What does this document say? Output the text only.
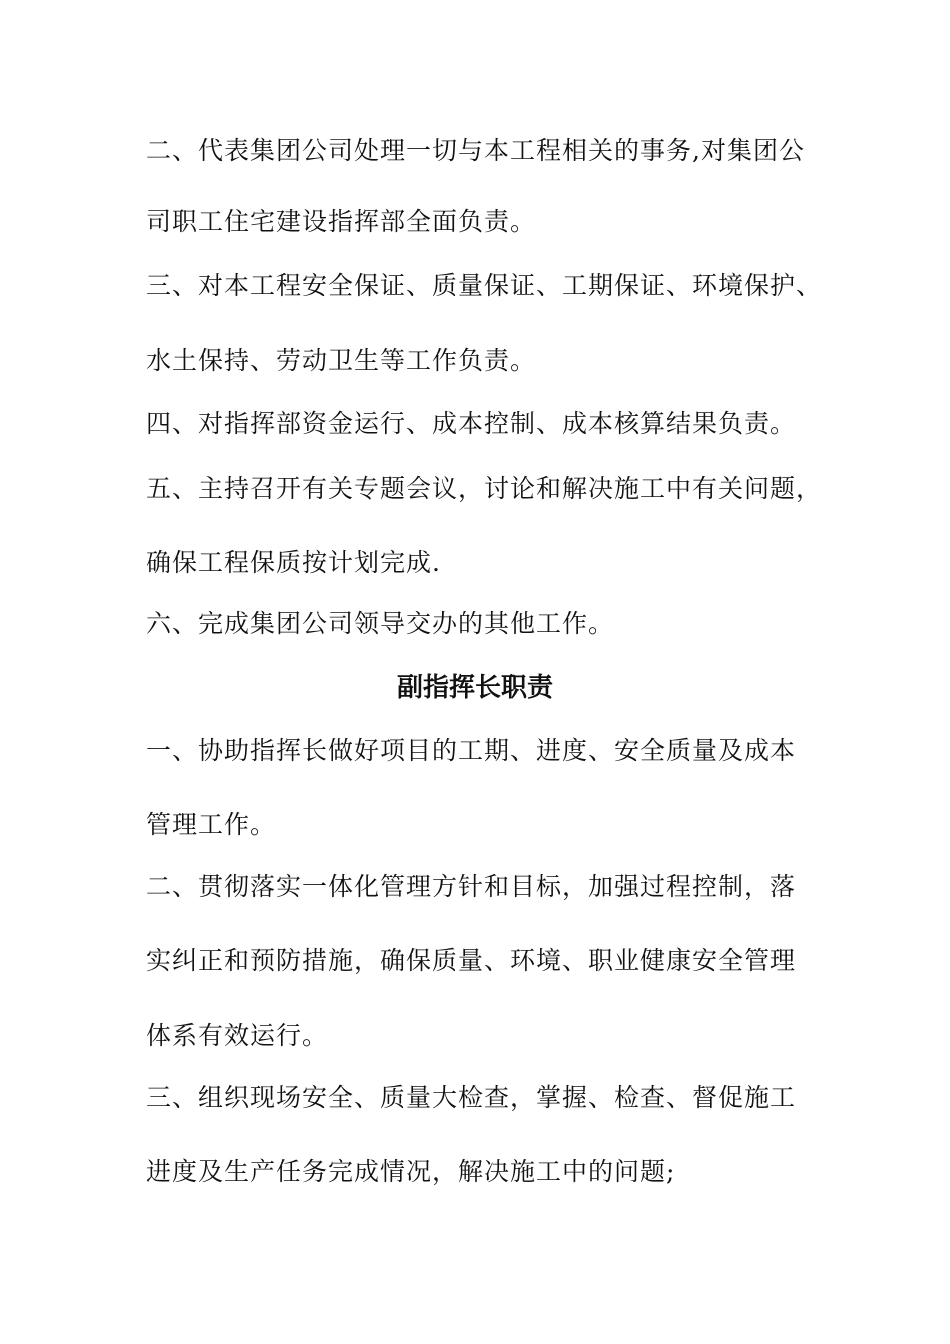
二、代表集团公司处理一切与本工程相关的事务,对集团公

司职工住宅建设指挥部全面负责。

三、对本工程安全保证、质量保证、工期保证、环境保护、

水土保持、劳动卫生等工作负责。

四、对指挥部资金运行、成本控制、成本核算结果负责。

五、主持召开有关专题会议，讨论和解决施工中有关问题，

确保工程保质按计划完成.

六、完成集团公司领导交办的其他工作。

副指挥长职责

一、协助指挥长做好项目的工期、进度、安全质量及成本

管理工作。

二、贯彻落实一体化管理方针和目标，加强过程控制，落

实纠正和预防措施，确保质量、环境、职业健康安全管理

体系有效运行。

三、组织现场安全、质量大检查，掌握、检查、督促施工

进度及生产任务完成情况，解决施工中的问题;
